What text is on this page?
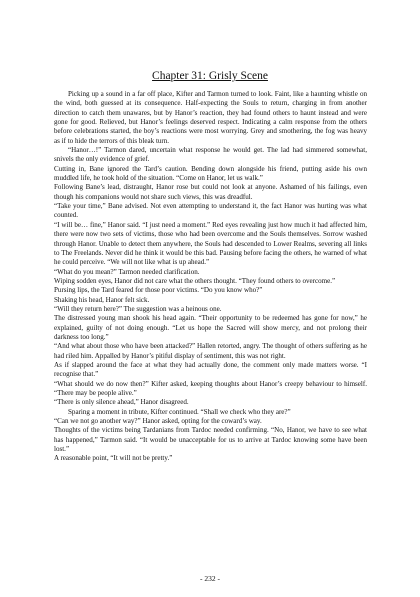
Chapter 31: Grisly Scene

Picking up a sound in a far off place, Kifter and Tarmon turned to look. Faint, like a haunting whistle on the wind, both guessed at its consequence. Half-expecting the Souls to return, charging in from another direction to catch them unawares, but by Hanor’s reaction, they had found others to haunt instead and were gone for good. Relieved, but Hanor’s feelings deserved respect. Indicating a calm response from the others before celebrations started, the boy’s reactions were most worrying. Grey and smothering, the fog was heavy as if to hide the terrors of this bleak turn.

“Hanor…!” Tarmon dared, uncertain what response he would get. The lad had simmered somewhat, snivels the only evidence of grief.

Cutting in, Bane ignored the Tard’s caution. Bending down alongside his friend, putting aside his own muddled life, he took hold of the situation. “Come on Hanor, let us walk.”

Following Bane’s lead, distraught, Hanor rose but could not look at anyone. Ashamed of his failings, even though his companions would not share such views, this was dreadful.

“Take your time,” Bane advised. Not even attempting to understand it, the fact Hanor was hurting was what counted.

“I will be… fine,” Hanor said. “I just need a moment.” Red eyes revealing just how much it had affected him, there were now two sets of victims, those who had been overcome and the Souls themselves. Sorrow washed through Hanor. Unable to detect them anywhere, the Souls had descended to Lower Realms, severing all links to The Freelands. Never did he think it would be this bad. Pausing before facing the others, he warned of what he could perceive. “We will not like what is up ahead.”

“What do you mean?” Tarmon needed clarification.

Wiping sodden eyes, Hanor did not care what the others thought. “They found others to overcome.”

Pursing lips, the Tard feared for those poor victims. “Do you know who?”

Shaking his head, Hanor felt sick.

“Will they return here?” The suggestion was a heinous one.

The distressed young man shook his head again. “Their opportunity to be redeemed has gone for now,” he explained, guilty of not doing enough. “Let us hope the Sacred will show mercy, and not prolong their darkness too long.”

“And what about those who have been attacked?” Hallen retorted, angry. The thought of others suffering as he had riled him. Appalled by Hanor’s pitiful display of sentiment, this was not right.

As if slapped around the face at what they had actually done, the comment only made matters worse. “I recognise that.”

“What should we do now then?” Kifter asked, keeping thoughts about Hanor’s creepy behaviour to himself. “There may be people alive.”

“There is only silence ahead,” Hanor disagreed.

Sparing a moment in tribute, Kifter continued. “Shall we check who they are?”

“Can we not go another way?” Hanor asked, opting for the coward’s way.

Thoughts of the victims being Tardanians from Tardoc needed confirming. “No, Hanor, we have to see what has happened,” Tarmon said. “It would be unacceptable for us to arrive at Tardoc knowing some have been lost.”

A reasonable point, “It will not be pretty.”

- 232 -
